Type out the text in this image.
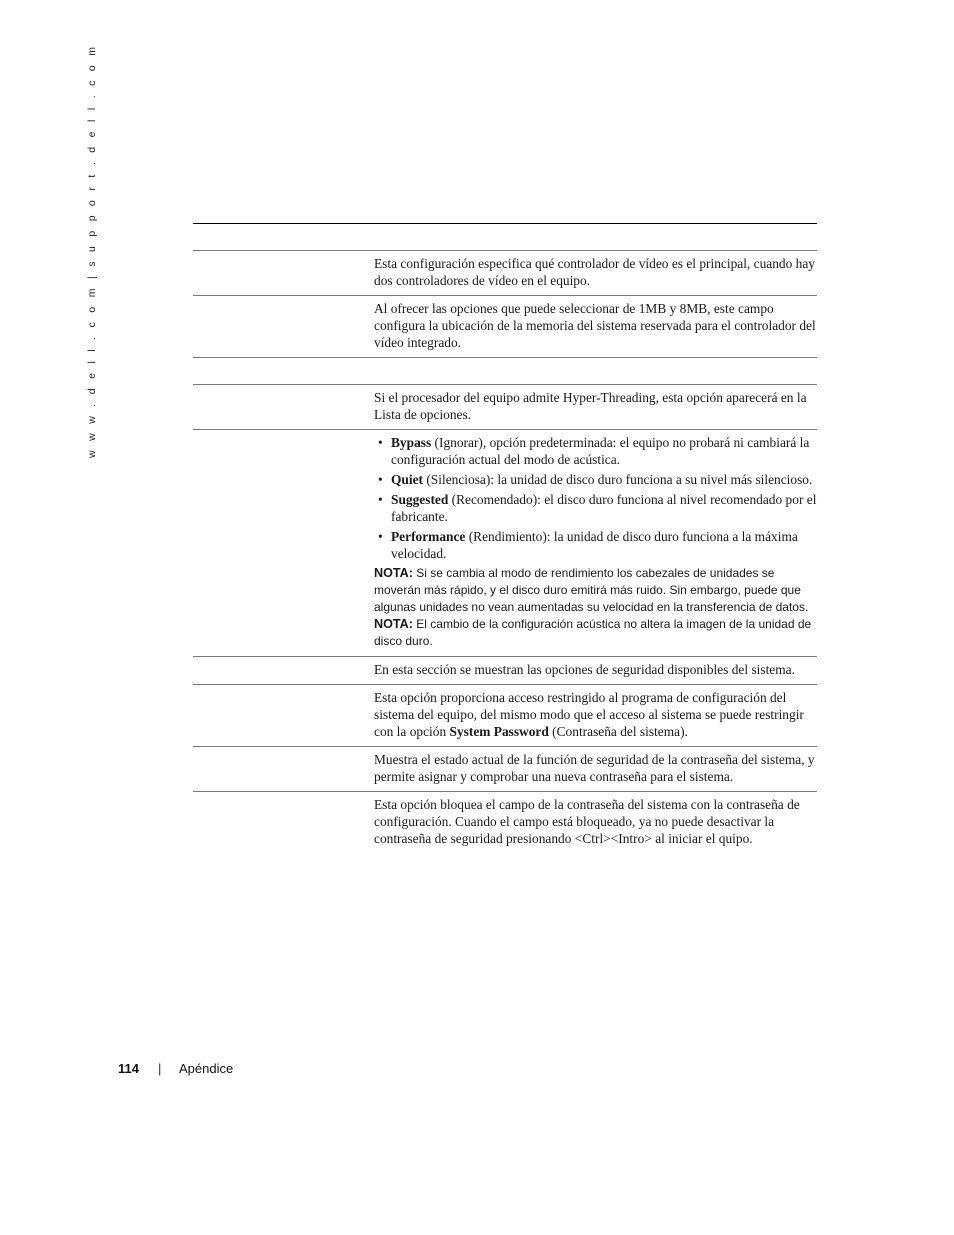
w w w . d e l l . c o m | s u p p o r t . d e l l . c o m	Esta configuración especifica qué controlador de vídeo es el principal, cuando hay dos controladores de vídeo en el equipo.

Al ofrecer las opciones que puede seleccionar de 1MB y 8MB, este campo configura la ubicación de la memoria del sistema reservada para el controlador del vídeo integrado.

Si el procesador del equipo admite Hyper-Threading, esta opción aparecerá en la Lista de opciones.

• Bypass (Ignorar), opción predeterminada: el equipo no probará ni cambiará la configuración actual del modo de acústica.
• Quiet (Silenciosa): la unidad de disco duro funciona a su nivel más silencioso.
• Suggested (Recomendado): el disco duro funciona al nivel recomendado por el fabricante.
• Performance (Rendimiento): la unidad de disco duro funciona a la máxima velocidad.

NOTA: Si se cambia al modo de rendimiento los cabezales de unidades se moverán más rápido, y el disco duro emitirá más ruido. Sin embargo, puede que algunas unidades no vean aumentadas su velocidad en la transferencia de datos.

NOTA: El cambio de la configuración acústica no altera la imagen de la unidad de disco duro.

En esta sección se muestran las opciones de seguridad disponibles del sistema.

Esta opción proporciona acceso restringido al programa de configuración del sistema del equipo, del mismo modo que el acceso al sistema se puede restringir con la opción System Password (Contraseña del sistema).

Muestra el estado actual de la función de seguridad de la contraseña del sistema, y permite asignar y comprobar una nueva contraseña para el sistema.

Esta opción bloquea el campo de la contraseña del sistema con la contraseña de configuración. Cuando el campo está bloqueado, ya no puede desactivar la contraseña de seguridad presionando <Ctrl><Intro> al iniciar el quipo.

114 | Apéndice
